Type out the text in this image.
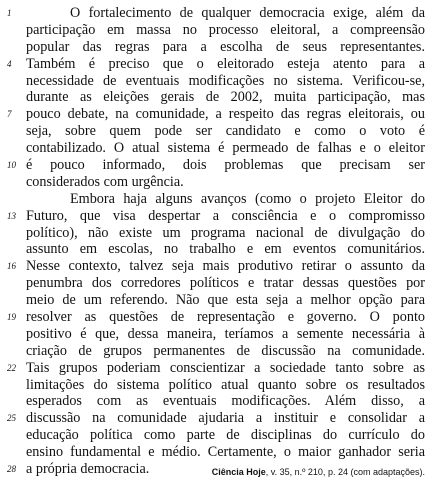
1	O fortalecimento de qualquer democracia exige, além da
participação em massa no processo eleitoral, a compreensão
popular das regras para a escolha de seus representantes.
4	Também é preciso que o eleitorado esteja atento para a
necessidade de eventuais modificações no sistema. Verificou-se,
durante as eleições gerais de 2002, muita participação, mas
7	pouco debate, na comunidade, a respeito das regras eleitorais, ou
seja, sobre quem pode ser candidato e como o voto é
contabilizado. O atual sistema é permeado de falhas e o eleitor
10 é pouco informado, dois problemas que precisam ser
considerados com urgência.
Embora haja alguns avanços (como o projeto Eleitor do
13 Futuro, que visa despertar a consciência e o compromisso
político), não existe um programa nacional de divulgação do
assunto em escolas, no trabalho e em eventos comunitários.
16 Nesse contexto, talvez seja mais produtivo retirar o assunto da
penumbra dos corredores políticos e tratar dessas questões por
meio de um referendo. Não que esta seja a melhor opção para
19 resolver as questões de representação e governo. O ponto
positivo é que, dessa maneira, teríamos a semente necessária à
criação de grupos permanentes de discussão na comunidade.
22 Tais grupos poderiam conscientizar a sociedade tanto sobre as
limitações do sistema político atual quanto sobre os resultados
esperados com as eventuais modificações. Além disso, a
25 discussão na comunidade ajudaria a instituir e consolidar a
educação política como parte de disciplinas do currículo do
ensino fundamental e médio. Certamente, o maior ganhador seria
28 a própria democracia.	Ciência Hoje, v. 35, n.º 210, p. 24 (com adaptações).
